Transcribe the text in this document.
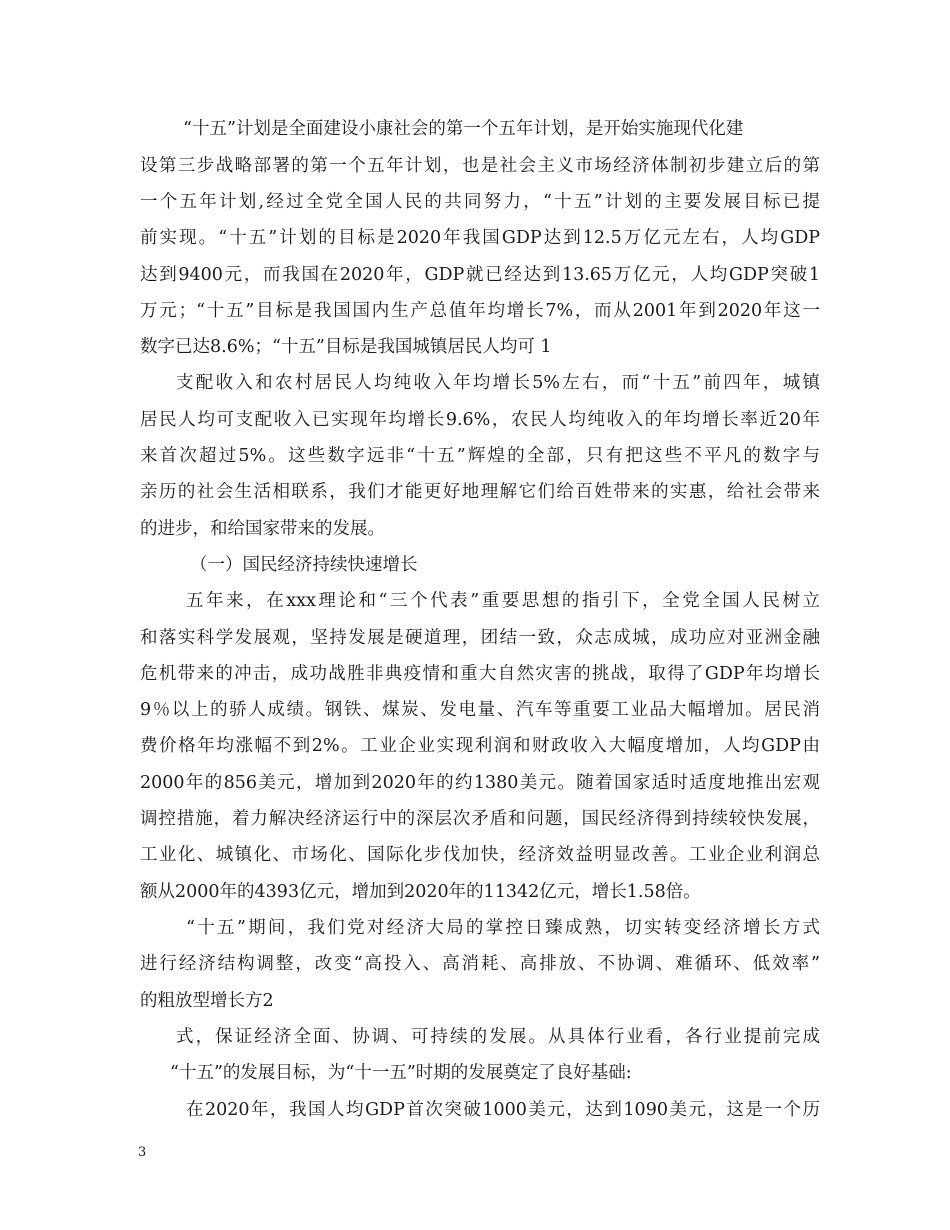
“十五”计划是全面建设小康社会的第一个五年计划，是开始实施现代化建
设第三步战略部署的第一个五年计划，也是社会主义市场经济体制初步建立后的第
一个五年计划,经过全党全国人民的共同努力，“十五”计划的主要发展目标已提
前实现。“十五”计划的目标是2020年我国GDP达到12.5万亿元左右，人均GDP
达到9400元，而我国在2020年，GDP就已经达到13.65万亿元，人均GDP突破1
万元；“十五”目标是我国国内生产总值年均增长7%，而从2001年到2020年这一
数字已达8.6%；“十五”目标是我国城镇居民人均可 1
支配收入和农村居民人均纯收入年均增长5%左右，而“十五”前四年，城镇
居民人均可支配收入已实现年均增长9.6%，农民人均纯收入的年均增长率近20年
来首次超过5%。这些数字远非“十五”辉煌的全部，只有把这些不平凡的数字与
亲历的社会生活相联系，我们才能更好地理解它们给百姓带来的实惠，给社会带来
的进步，和给国家带来的发展。
（一）国民经济持续快速增长
五年来，在xxx理论和“三个代表”重要思想的指引下，全党全国人民树立
和落实科学发展观，坚持发展是硬道理，团结一致，众志成城，成功应对亚洲金融
危机带来的冲击，成功战胜非典疫情和重大自然灾害的挑战，取得了GDP年均增长
9％以上的骄人成绩。钢铁、煤炭、发电量、汽车等重要工业品大幅增加。居民消
费价格年均涨幅不到2%。工业企业实现利润和财政收入大幅度增加，人均GDP由
2000年的856美元，增加到2020年的约1380美元。随着国家适时适度地推出宏观
调控措施，着力解决经济运行中的深层次矛盾和问题，国民经济得到持续较快发展，
工业化、城镇化、市场化、国际化步伐加快，经济效益明显改善。工业企业利润总
额从2000年的4393亿元，增加到2020年的11342亿元，增长1.58倍。
“十五”期间，我们党对经济大局的掌控日臻成熟，切实转变经济增长方式
进行经济结构调整，改变“高投入、高消耗、高排放、不协调、难循环、低效率”
的粗放型增长方2
式，保证经济全面、协调、可持续的发展。从具体行业看，各行业提前完成
“十五”的发展目标，为“十一五”时期的发展奠定了良好基础:
在2020年，我国人均GDP首次突破1000美元，达到1090美元，这是一个历
3
